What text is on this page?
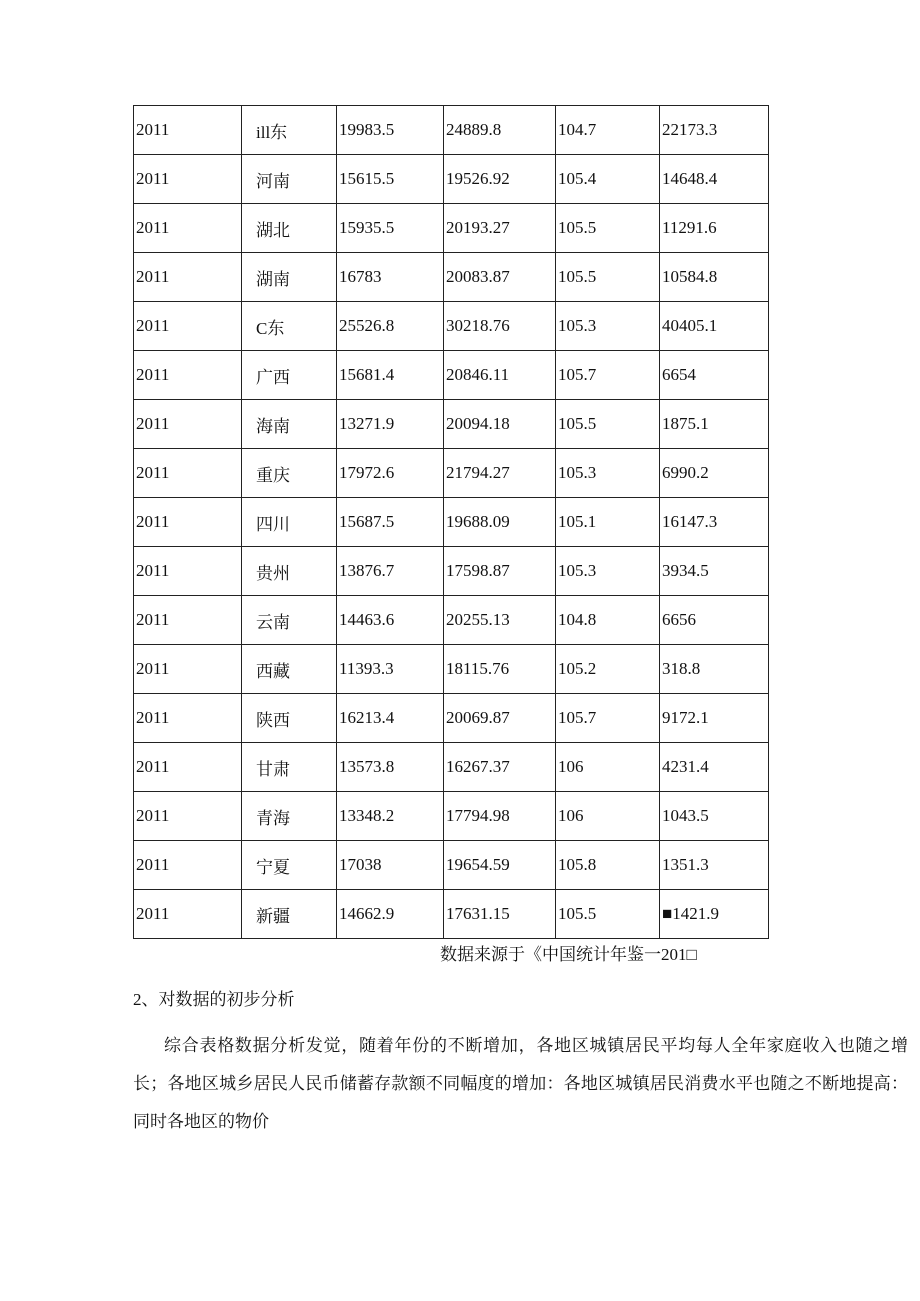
2011	ill东	19983.5	24889.8	104.7	22173.3
2011	河南	15615.5	19526.92	105.4	14648.4
2011	湖北	15935.5	20193.27	105.5	11291.6
2011	湖南	16783	20083.87	105.5	10584.8
2011	C东	25526.8	30218.76	105.3	40405.1
2011	广西	15681.4	20846.11	105.7	6654
2011	海南	13271.9	20094.18	105.5	1875.1
2011	重庆	17972.6	21794.27	105.3	6990.2
2011	四川	15687.5	19688.09	105.1	16147.3
2011	贵州	13876.7	17598.87	105.3	3934.5
2011	云南	14463.6	20255.13	104.8	6656
2011	西藏	11393.3	18115.76	105.2	318.8
2011	陕西	16213.4	20069.87	105.7	9172.1
2011	甘肃	13573.8	16267.37	106	4231.4
2011	青海	13348.2	17794.98	106	1043.5
2011	宁夏	17038	19654.59	105.8	1351.3
2011	新疆	14662.9	17631.15	105.5	■1421.9
数据来源于《中国统计年鉴一201□
2、对数据的初步分析
综合表格数据分析发觉，随着年份的不断增加，各地区城镇居民平均每人全年家庭收入也随之增长；各地区城乡居民人民币储蓄存款额不同幅度的增加：各地区城镇居民消费水平也随之不断地提高：同时各地区的物价
